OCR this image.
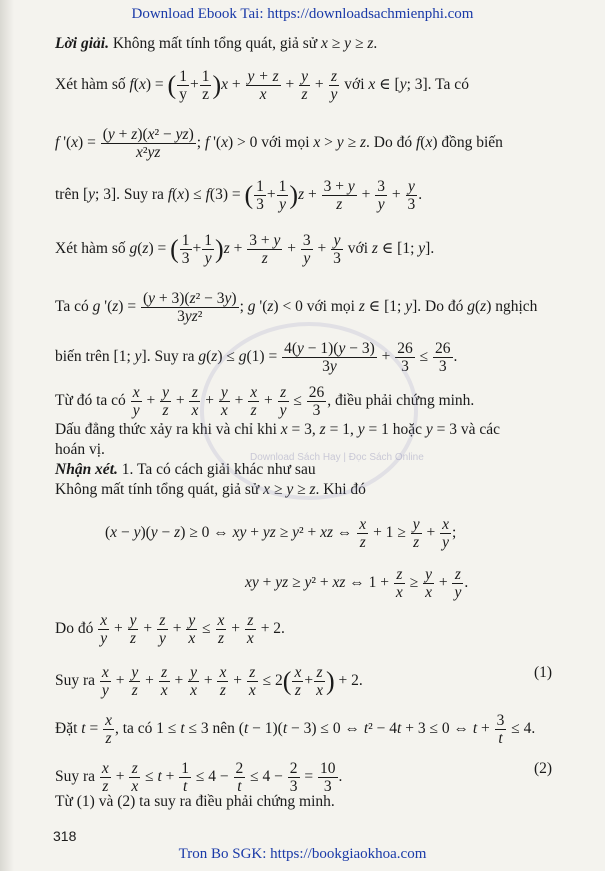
Download Ebook Tai: https://downloadsachmienphi.com
Lời giải. Không mất tính tổng quát, giả sử x ≥ y ≥ z.
Xét hàm số f(x) = ( $\frac{1}{y} + \frac{1}{z} )x + \frac{y + z}{x} + \frac{y}{z} + \frac{z}{y}$ với x ∈ [y; 3]. Ta có
f '$(x) = \frac{\text{(y + z)(x² − yz)}}{\text{x²yz}}$ ; f '(x) > 0 với mọi x > y ≥ z. Do đó f(x) đồng biến
trên [y; 3]. Suy ra f(x) ≤ f(3) = ( $\frac{1}{3} + \frac{1}{y} )z + \frac{3 + y}{z} + \frac{3}{y} + \frac{y}{3}$ .
Xét hàm số g(z) = ( $\frac{1}{3} + \frac{1}{y} )z + \frac{3 + y}{z} + \frac{3}{y} + \frac{y}{3}$ với z ∈ [1; y].
Ta có g '$(z) = \frac{\text{(y + 3)(z² − 3y)}}{\text{3yz²}}$ ; g '(z) < 0 với mọi z ∈ [1; y]. Do đó g(z) nghịch
biến trên [1; y]. Suy ra $g(z) \le g(1) = \frac{4(y - 1)(y - 3)}{3y} + \frac{26}{3} \le \frac{26}{3}$ .
Từ đó ta có $\frac{x}{y} + \frac{y}{z} + \frac{z}{x} + \frac{y}{x} + \frac{x}{z} + \frac{z}{y} \le \frac{26}{3}$ , điều phải chứng minh.
Dấu đẳng thức xảy ra khi và chỉ khi x = 3, z = 1, y = 1 hoặc y = 3 và các
hoán vị.
Nhận xét. 1. Ta có cách giải khác như sau
Không mất tính tổng quát, giả sử x ≥ y ≥ z. Khi đó
(x − y)(y − z) ≥ 0 ⇔ xy + yz ≥ y² + xz ⇔ $\frac{x}{z} + 1 \ge \frac{y}{z} + \frac{x}{y}$ ;
xy + yz ≥ y² + xz ⇔ $1 + \frac{z}{x} \ge \frac{y}{x} + \frac{z}{y}$ .
Do đó $\frac{x}{y} + \frac{y}{z} + \frac{z}{y} + \frac{y}{x} \le \frac{x}{z} + \frac{z}{x} + 2$.
Suy ra $\frac{x}{y} + \frac{y}{z} + \frac{z}{x} + \frac{y}{x} + \frac{x}{z} + \frac{z}{x} \le 2( \frac{x}{z} + \frac{z}{x}$ ) + 2.	(1)
Đặt $t = \frac{x}{z}$ , ta có 1 ≤ t ≤ 3 nên (t − 1)(t − 3) ≤ 0 ⇔ t² − 4t + 3 ≤ 0 ⇔ $t + \frac{3}{t} \le 4$.
Suy ra $\frac{x}{z} + \frac{z}{x} \le t + \frac{1}{t} \le 4 - \frac{2}{t} \le 4 - \frac{2}{3} = \frac{10}{3}$ .	(2)
Từ (1) và (2) ta suy ra điều phải chứng minh.
318
Tron Bo SGK: https://bookgiaokhoa.com
Download Sách Hay | Đọc Sách Online
